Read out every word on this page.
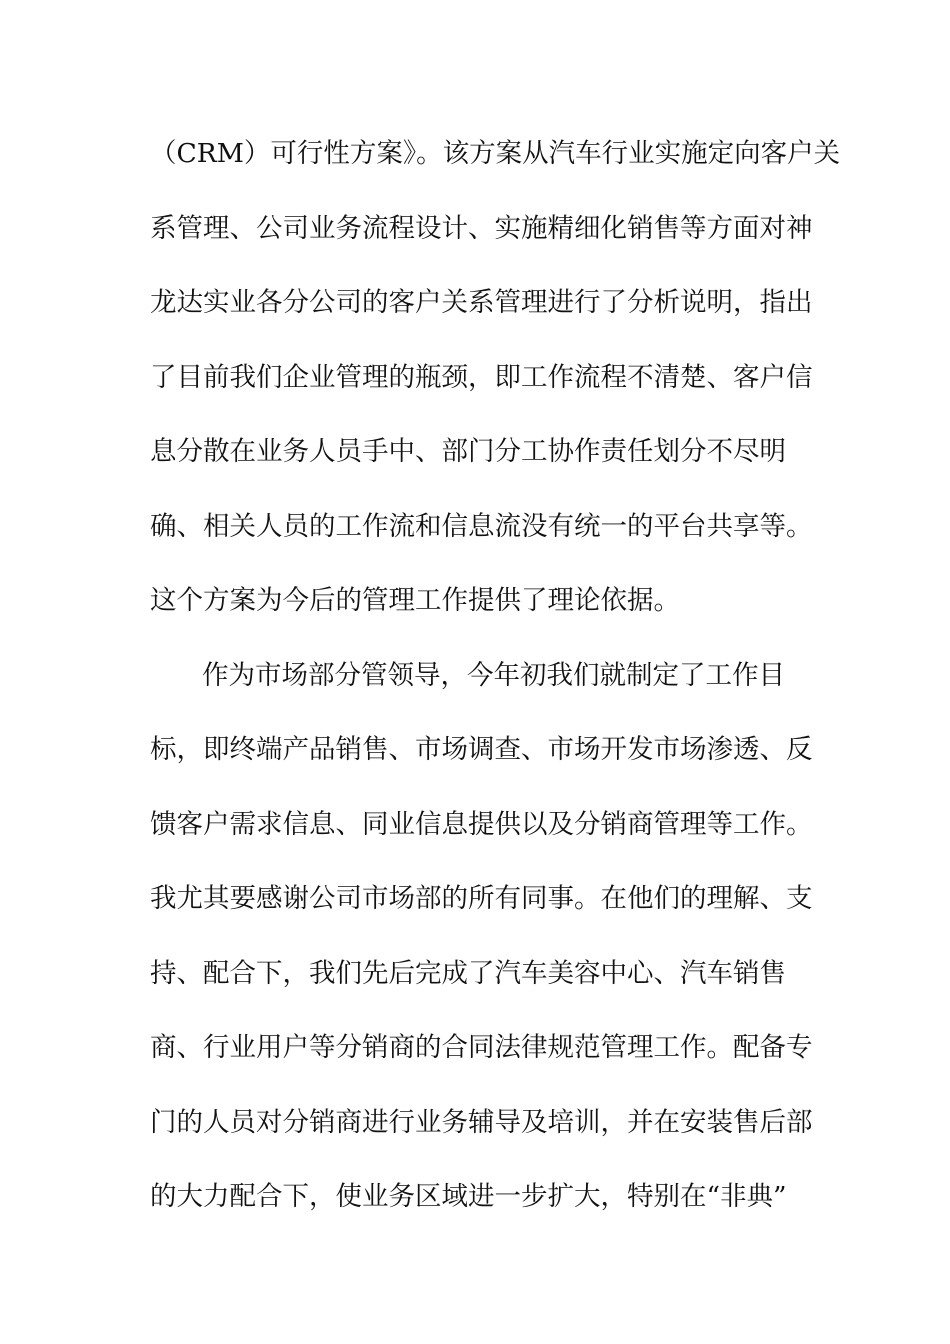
（CRM）可行性方案》。该方案从汽车行业实施定向客户关
系管理、公司业务流程设计、实施精细化销售等方面对神
龙达实业各分公司的客户关系管理进行了分析说明，指出
了目前我们企业管理的瓶颈，即工作流程不清楚、客户信
息分散在业务人员手中、部门分工协作责任划分不尽明
确、相关人员的工作流和信息流没有统一的平台共享等。
这个方案为今后的管理工作提供了理论依据。
作为市场部分管领导，今年初我们就制定了工作目
标，即终端产品销售、市场调查、市场开发市场渗透、反
馈客户需求信息、同业信息提供以及分销商管理等工作。
我尤其要感谢公司市场部的所有同事。在他们的理解、支
持、配合下，我们先后完成了汽车美容中心、汽车销售
商、行业用户等分销商的合同法律规范管理工作。配备专
门的人员对分销商进行业务辅导及培训，并在安装售后部
的大力配合下，使业务区域进一步扩大，特别在“非典”
